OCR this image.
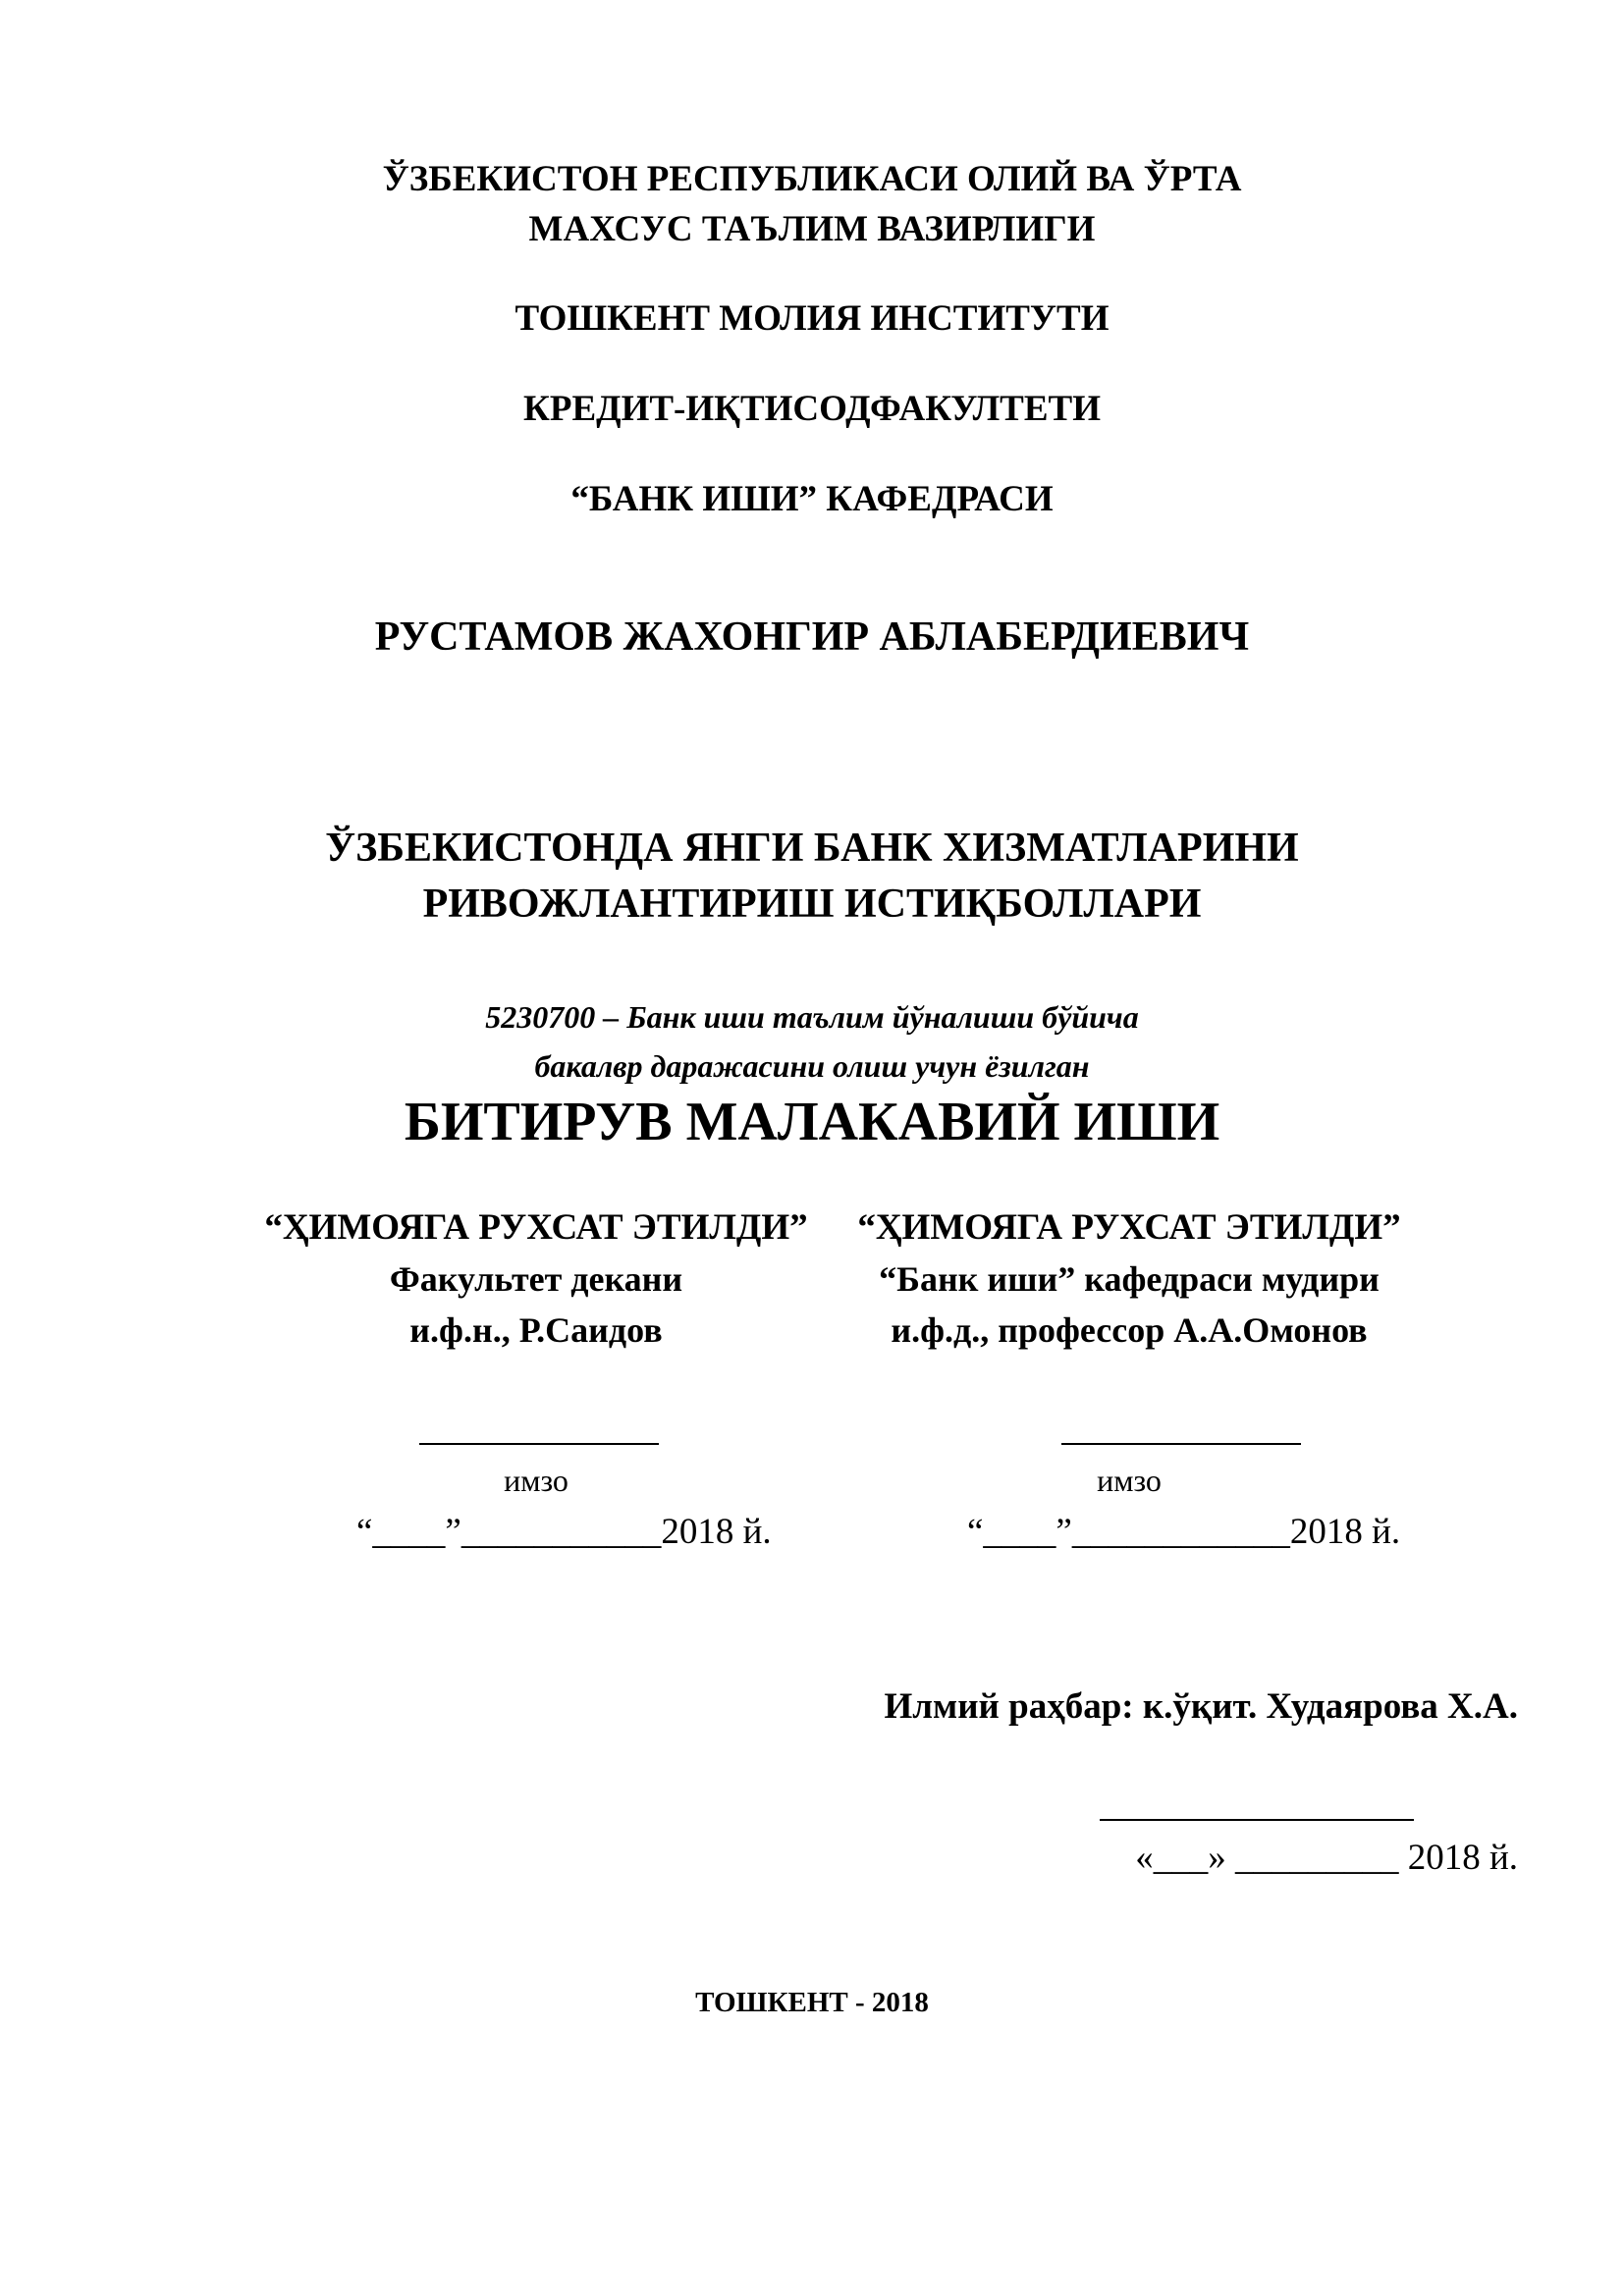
ЎЗБЕКИСТОН РЕСПУБЛИКАСИ ОЛИЙ ВА ЎРТА
МАХСУС ТАЪЛИМ ВАЗИРЛИГИ
ТОШКЕНТ МОЛИЯ ИНСТИТУТИ
КРЕДИТ-ИҚТИСОДФАКУЛТЕТИ
“БАНК ИШИ” КАФЕДРАСИ
РУСТАМОВ ЖАХОНГИР АБЛАБЕРДИЕВИЧ
ЎЗБЕКИСТОНДА ЯНГИ БАНК ХИЗМАТЛАРИНИ
РИВОЖЛАНТИРИШ ИСТИҚБОЛЛАРИ
5230700 – Банк иши таълим йўналиши бўйича
бакалвр даражасини олиш учун ёзилган
БИТИРУВ МАЛАКАВИЙ ИШИ
“ҲИМОЯГА РУХСАТ ЭТИЛДИ”
Факультет декани
и.ф.н., Р.Саидов
имзо
“____”___________2018 й.
“ҲИМОЯГА РУХСАТ ЭТИЛДИ”
“Банк иши” кафедраси мудири
и.ф.д., профессор А.А.Омонов
имзо
“____”____________2018 й.
Илмий раҳбар: к.ўқит. Худаярова Х.А.
«___» _________ 2018 й.
ТОШКЕНТ - 2018
